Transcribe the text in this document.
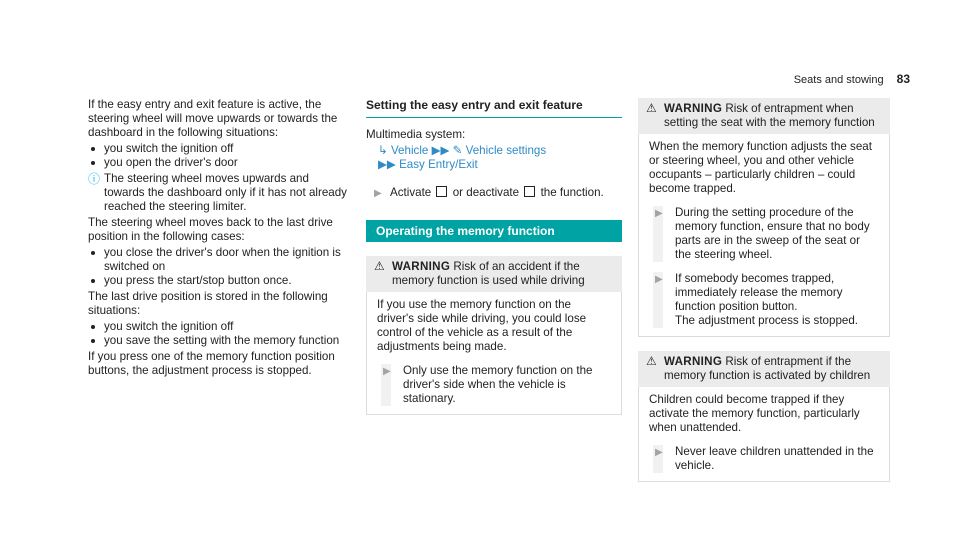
Seats and stowing 83

If the easy entry and exit feature is active, the steering wheel will move upwards or towards the dashboard in the following situations:

you switch the ignition off
you open the driver's door
ⓘ The steering wheel moves upwards and towards the dashboard only if it has not already reached the steering limiter.

The steering wheel moves back to the last drive position in the following cases:

you close the driver's door when the ignition is switched on
you press the start/stop button once.

The last drive position is stored in the following situations:

you switch the ignition off
you save the setting with the memory function

If you press one of the memory function position buttons, the adjustment process is stopped.

Setting the easy entry and exit feature

Multimedia system:

↳ Vehicle ▶▶ ✎ Vehicle settings
▶▶ Easy Entry/Exit
▶ Activate or deactivate the function.
Operating the memory function
⚠ WARNING Risk of an accident if the memory function is used while driving

If you use the memory function on the driver's side while driving, you could lose control of the vehicle as a result of the adjustments being made.

▶	Only use the memory function on the driver's side when the vehicle is stationary.
⚠ WARNING Risk of entrapment when setting the seat with the memory function

When the memory function adjusts the seat or steering wheel, you and other vehicle occupants – particularly children – could become trapped.

▶	During the setting procedure of the memory function, ensure that no body parts are in the sweep of the seat or the steering wheel.
▶ If somebody becomes trapped, immediately release the memory function position button.
The adjustment process is stopped.
⚠ WARNING Risk of entrapment if the memory function is activated by children

Children could become trapped if they activate the memory function, particularly when unattended.

▶	Never leave children unattended in the vehicle.
